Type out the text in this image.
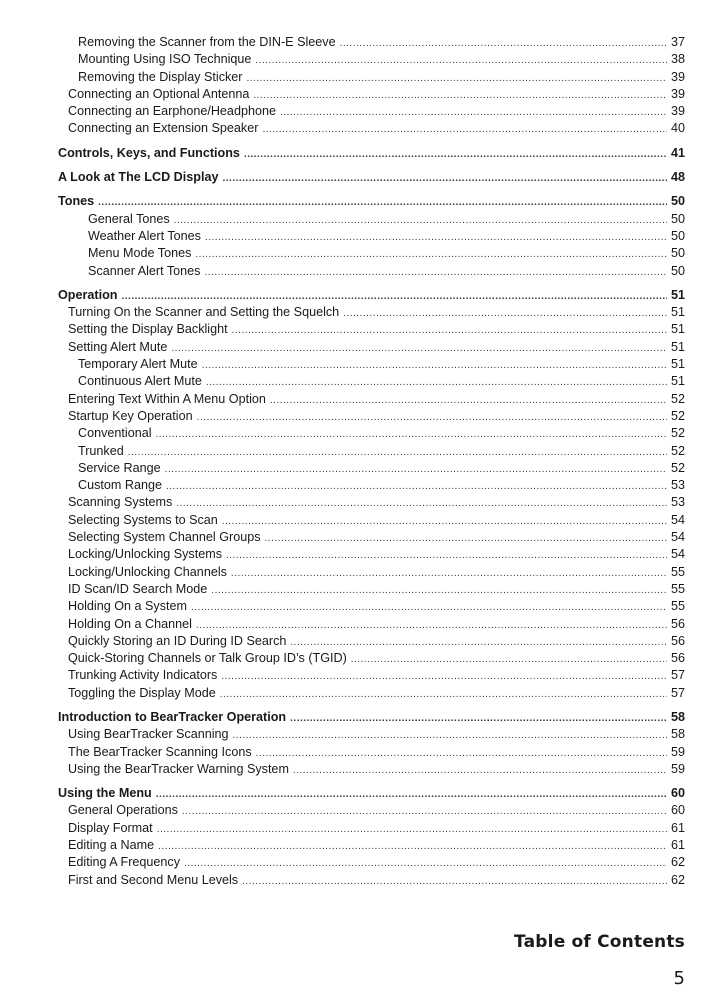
Removing the Scanner from the DIN-E Sleeve .....	37
Mounting Using ISO Technique .....	38
Removing the Display Sticker .....	39
Connecting an Optional Antenna .....	39
Connecting an Earphone/Headphone .....	39
Connecting an Extension Speaker .....	40
Controls, Keys, and Functions .....	41
A Look at The LCD Display .....	48
Tones .....	50
General Tones .....	50
Weather Alert Tones .....	50
Menu Mode Tones .....	50
Scanner Alert Tones .....	50
Operation .....	51
Turning On the Scanner and Setting the Squelch .....	51
Setting the Display Backlight .....	51
Setting Alert Mute .....	51
Temporary Alert Mute .....	51
Continuous Alert Mute .....	51
Entering Text Within A Menu Option .....	52
Startup Key Operation .....	52
Conventional .....	52
Trunked .....	52
Service Range .....	52
Custom Range .....	53
Scanning Systems .....	53
Selecting Systems to Scan .....	54
Selecting System Channel Groups .....	54
Locking/Unlocking Systems .....	54
Locking/Unlocking Channels .....	55
ID Scan/ID Search Mode .....	55
Holding On a System .....	55
Holding On a Channel .....	56
Quickly Storing an ID During ID Search .....	56
Quick-Storing Channels or Talk Group ID’s (TGID) .....	56
Trunking Activity Indicators .....	57
Toggling the Display Mode .....	57
Introduction to BearTracker Operation .....	58
Using BearTracker Scanning .....	58
The BearTracker Scanning Icons .....	59
Using the BearTracker Warning System .....	59
Using the Menu .....	60
General Operations .....	60
Display Format .....	61
Editing a Name .....	61
Editing A Frequency .....	62
First and Second Menu Levels .....	62
Table of Contents
5
